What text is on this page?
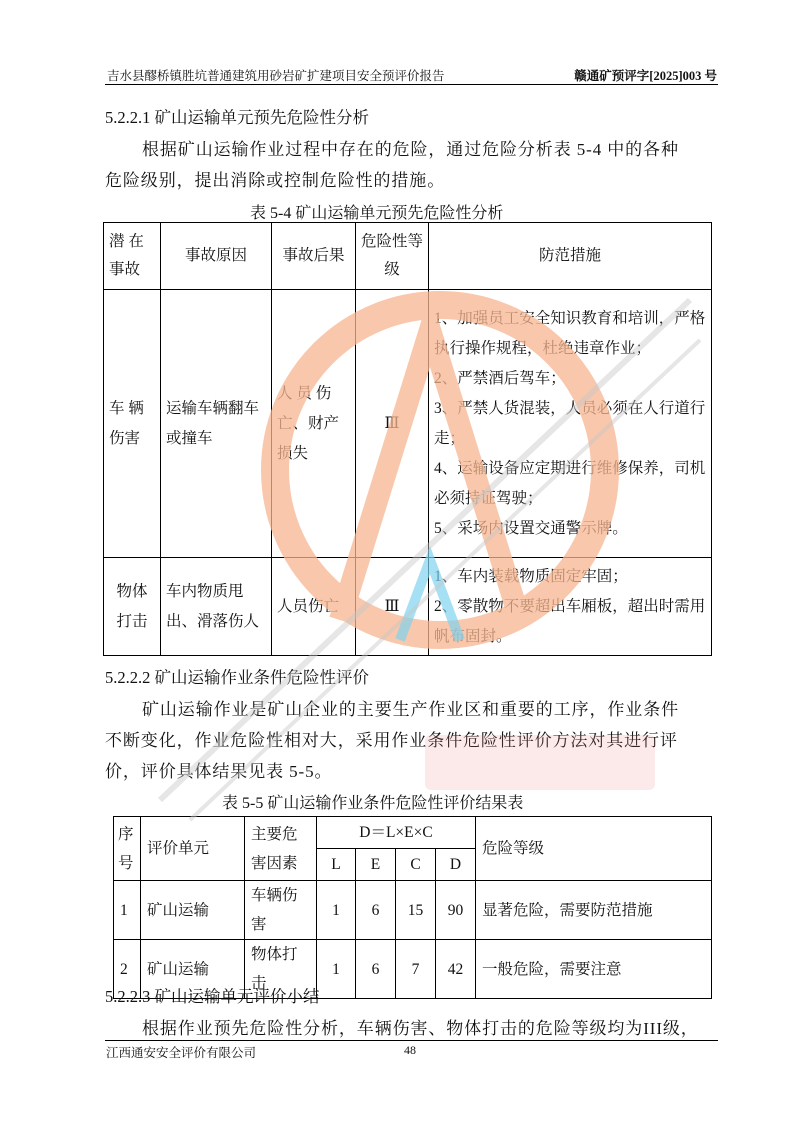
吉水县醪桥镇胜坑普通建筑用砂岩矿扩建项目安全预评价报告	赣通矿预评字[2025]003 号
5.2.2.1 矿山运输单元预先危险性分析
根据矿山运输作业过程中存在的危险，通过危险分析表 5-4 中的各种
危险级别，提出消除或控制危险性的措施。
表 5-4 矿山运输单元预先危险性分析
潜 在 事故	事故原因	事故后果	危险性等级	防范措施
车 辆 伤害	运输车辆翻车或撞车	人 员 伤 亡、财产损失	Ⅲ	1、加强员工安全知识教育和培训，严格执行操作规程，杜绝违章作业；
2、严禁酒后驾车；
3、严禁人货混装，人员必须在人行道行走；
4、运输设备应定期进行维修保养，司机必须持证驾驶；
5、采场内设置交通警示牌。

物体打击	车内物质甩出、滑落伤人	人员伤亡	Ⅲ	1、车内装载物质固定牢固；
2、零散物不要超出车厢板，超出时需用帆布固封。
5.2.2.2 矿山运输作业条件危险性评价
矿山运输作业是矿山企业的主要生产作业区和重要的工序，作业条件
不断变化，作业危险性相对大，采用作业条件危险性评价方法对其进行评
价，评价具体结果见表 5-5。
表 5-5 矿山运输作业条件危险性评价结果表
序号	评价单元	主要危害因素	D＝L×E×C				危险等级
			L	E	C	D	
1	矿山运输	车辆伤害	1	6	15	90	显著危险，需要防范措施
2	矿山运输	物体打击	1	6	7	42	一般危险，需要注意
5.2.2.3 矿山运输单元评价小结
根据作业预先危险性分析，车辆伤害、物体打击的危险等级均为III级，
江西通安安全评价有限公司	48
